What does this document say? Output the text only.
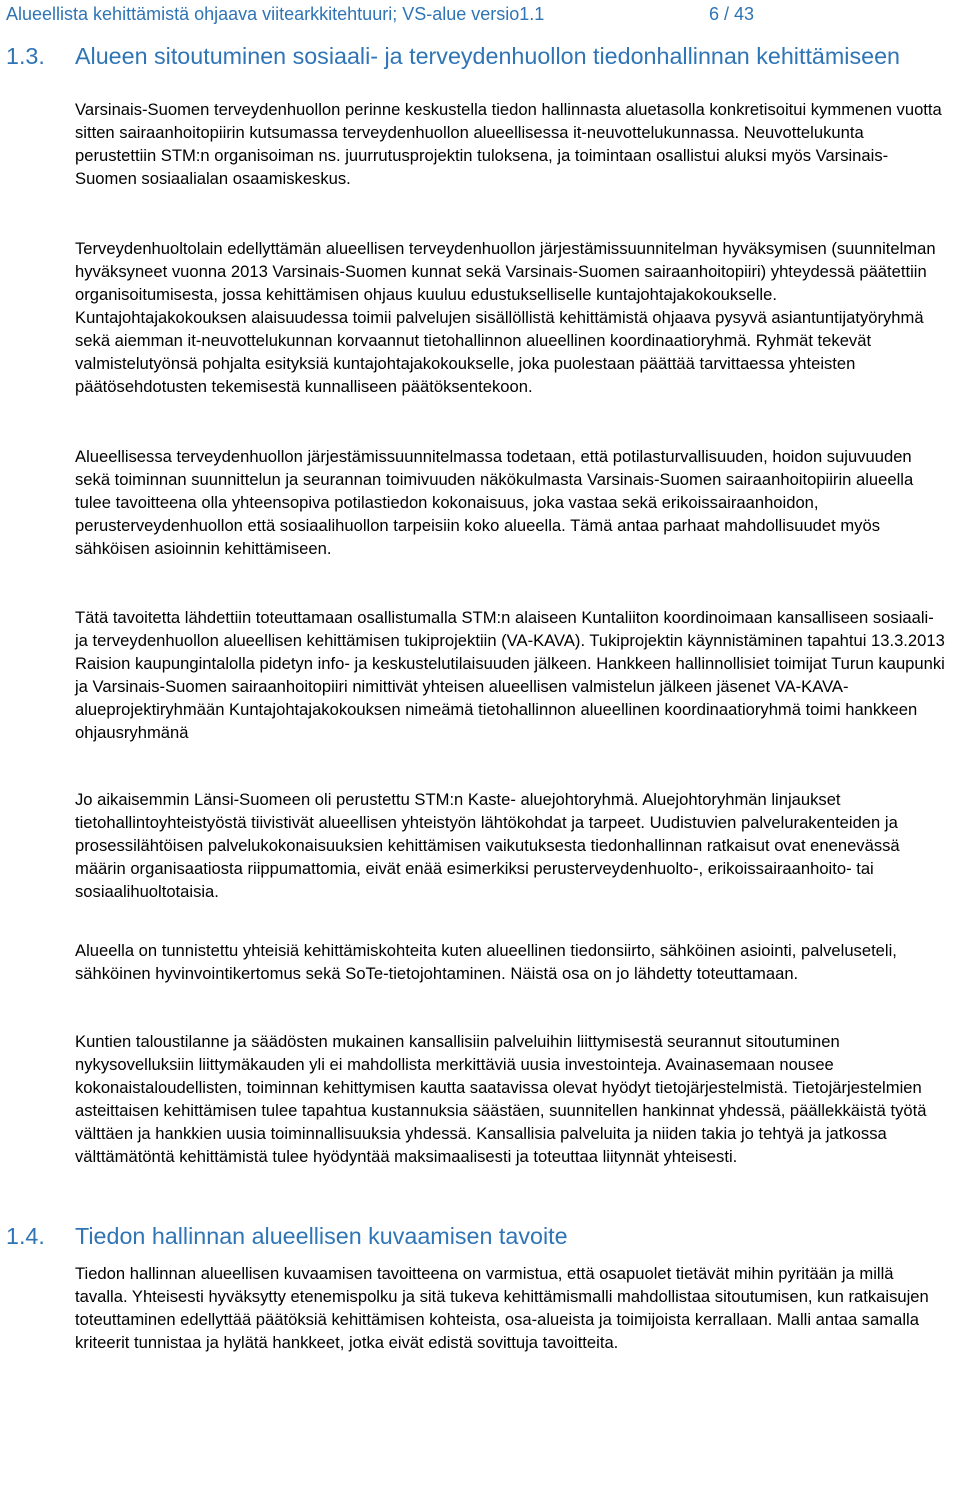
Alueellista kehittämistä ohjaava viitearkkitehtuuri; VS-alue versio1.1	6 / 43
1.3.	Alueen sitoutuminen sosiaali- ja terveydenhuollon tiedonhallinnan kehittämiseen

Varsinais-Suomen terveydenhuollon perinne keskustella tiedon hallinnasta aluetasolla konkretisoitui kymmenen vuotta sitten sairaanhoitopiirin kutsumassa terveydenhuollon alueellisessa it-neuvottelukunnassa. Neuvottelukunta perustettiin STM:n organisoiman ns. juurrutusprojektin tuloksena, ja toimintaan osallistui aluksi myös Varsinais-Suomen sosiaalialan osaamiskeskus.

Terveydenhuoltolain edellyttämän alueellisen terveydenhuollon järjestämissuunnitelman hyväksymisen (suunnitelman hyväksyneet vuonna 2013 Varsinais-Suomen kunnat sekä Varsinais-Suomen sairaanhoitopiiri) yhteydessä päätettiin organisoitumisesta, jossa kehittämisen ohjaus kuuluu edustukselliselle kuntajohtajakokoukselle. Kuntajohtajakokouksen alaisuudessa toimii palvelujen sisällöllistä kehittämistä ohjaava pysyvä asiantuntijatyöryhmä sekä aiemman it-neuvottelukunnan korvaannut tietohallinnon alueellinen koordinaatioryhmä. Ryhmät tekevät valmistelutyönsä pohjalta esityksiä kuntajohtajakokoukselle, joka puolestaan päättää tarvittaessa yhteisten päätösehdotusten tekemisestä kunnalliseen päätöksentekoon.

Alueellisessa terveydenhuollon järjestämissuunnitelmassa todetaan, että potilasturvallisuuden, hoidon sujuvuuden sekä toiminnan suunnittelun ja seurannan toimivuuden näkökulmasta Varsinais-Suomen sairaanhoitopiirin alueella tulee tavoitteena olla yhteensopiva potilastiedon kokonaisuus, joka vastaa sekä erikoissairaanhoidon, perusterveydenhuollon että sosiaalihuollon tarpeisiin koko alueella. Tämä antaa parhaat mahdollisuudet myös sähköisen asioinnin kehittämiseen.

Tätä tavoitetta lähdettiin toteuttamaan osallistumalla STM:n alaiseen Kuntaliiton koordinoimaan kansalliseen sosiaali- ja terveydenhuollon alueellisen kehittämisen tukiprojektiin (VA-KAVA). Tukiprojektin käynnistäminen tapahtui 13.3.2013 Raision kaupungintalolla pidetyn info- ja keskustelutilaisuuden jälkeen. Hankkeen hallinnollisiet toimijat Turun kaupunki ja Varsinais-Suomen sairaanhoitopiiri nimittivät yhteisen alueellisen valmistelun jälkeen jäsenet VA-KAVA-alueprojektiryhmään Kuntajohtajakokouksen nimeämä tietohallinnon alueellinen koordinaatioryhmä toimi hankkeen ohjausryhmänä

Jo aikaisemmin Länsi-Suomeen oli perustettu STM:n Kaste- aluejohtoryhmä. Aluejohtoryhmän linjaukset tietohallintoyhteistyöstä tiivistivät alueellisen yhteistyön lähtökohdat ja tarpeet. Uudistuvien palvelurakenteiden ja prosessilähtöisen palvelukokonaisuuksien kehittämisen vaikutuksesta tiedonhallinnan ratkaisut ovat enenevässä määrin organisaatiosta riippumattomia, eivät enää esimerkiksi perusterveydenhuolto-, erikoissairaanhoito- tai sosiaalihuoltotaisia.

Alueella on tunnistettu yhteisiä kehittämiskohteita kuten alueellinen tiedonsiirto, sähköinen asiointi, palveluseteli, sähköinen hyvinvointikertomus sekä SoTe-tietojohtaminen. Näistä osa on jo lähdetty toteuttamaan.

Kuntien taloustilanne ja säädösten mukainen kansallisiin palveluihin liittymisestä seurannut sitoutuminen nykysovelluksiin liittymäkauden yli ei mahdollista merkittäviä uusia investointeja. Avainasemaan nousee kokonaistaloudellisten, toiminnan kehittymisen kautta saatavissa olevat hyödyt tietojärjestelmistä. Tietojärjestelmien asteittaisen kehittämisen tulee tapahtua kustannuksia säästäen, suunnitellen hankinnat yhdessä, päällekkäistä työtä välttäen ja hankkien uusia toiminnallisuuksia yhdessä. Kansallisia palveluita ja niiden takia jo tehtyä ja jatkossa välttämätöntä kehittämistä tulee hyödyntää maksimaalisesti ja toteuttaa liitynnät yhteisesti.

1.4. Tiedon hallinnan alueellisen kuvaamisen tavoite

Tiedon hallinnan alueellisen kuvaamisen tavoitteena on varmistua, että osapuolet tietävät mihin pyritään ja millä tavalla. Yhteisesti hyväksytty etenemispolku ja sitä tukeva kehittämismalli mahdollistaa sitoutumisen, kun ratkaisujen toteuttaminen edellyttää päätöksiä kehittämisen kohteista, osa-alueista ja toimijoista kerrallaan. Malli antaa samalla kriteerit tunnistaa ja hylätä hankkeet, jotka eivät edistä sovittuja tavoitteita.
